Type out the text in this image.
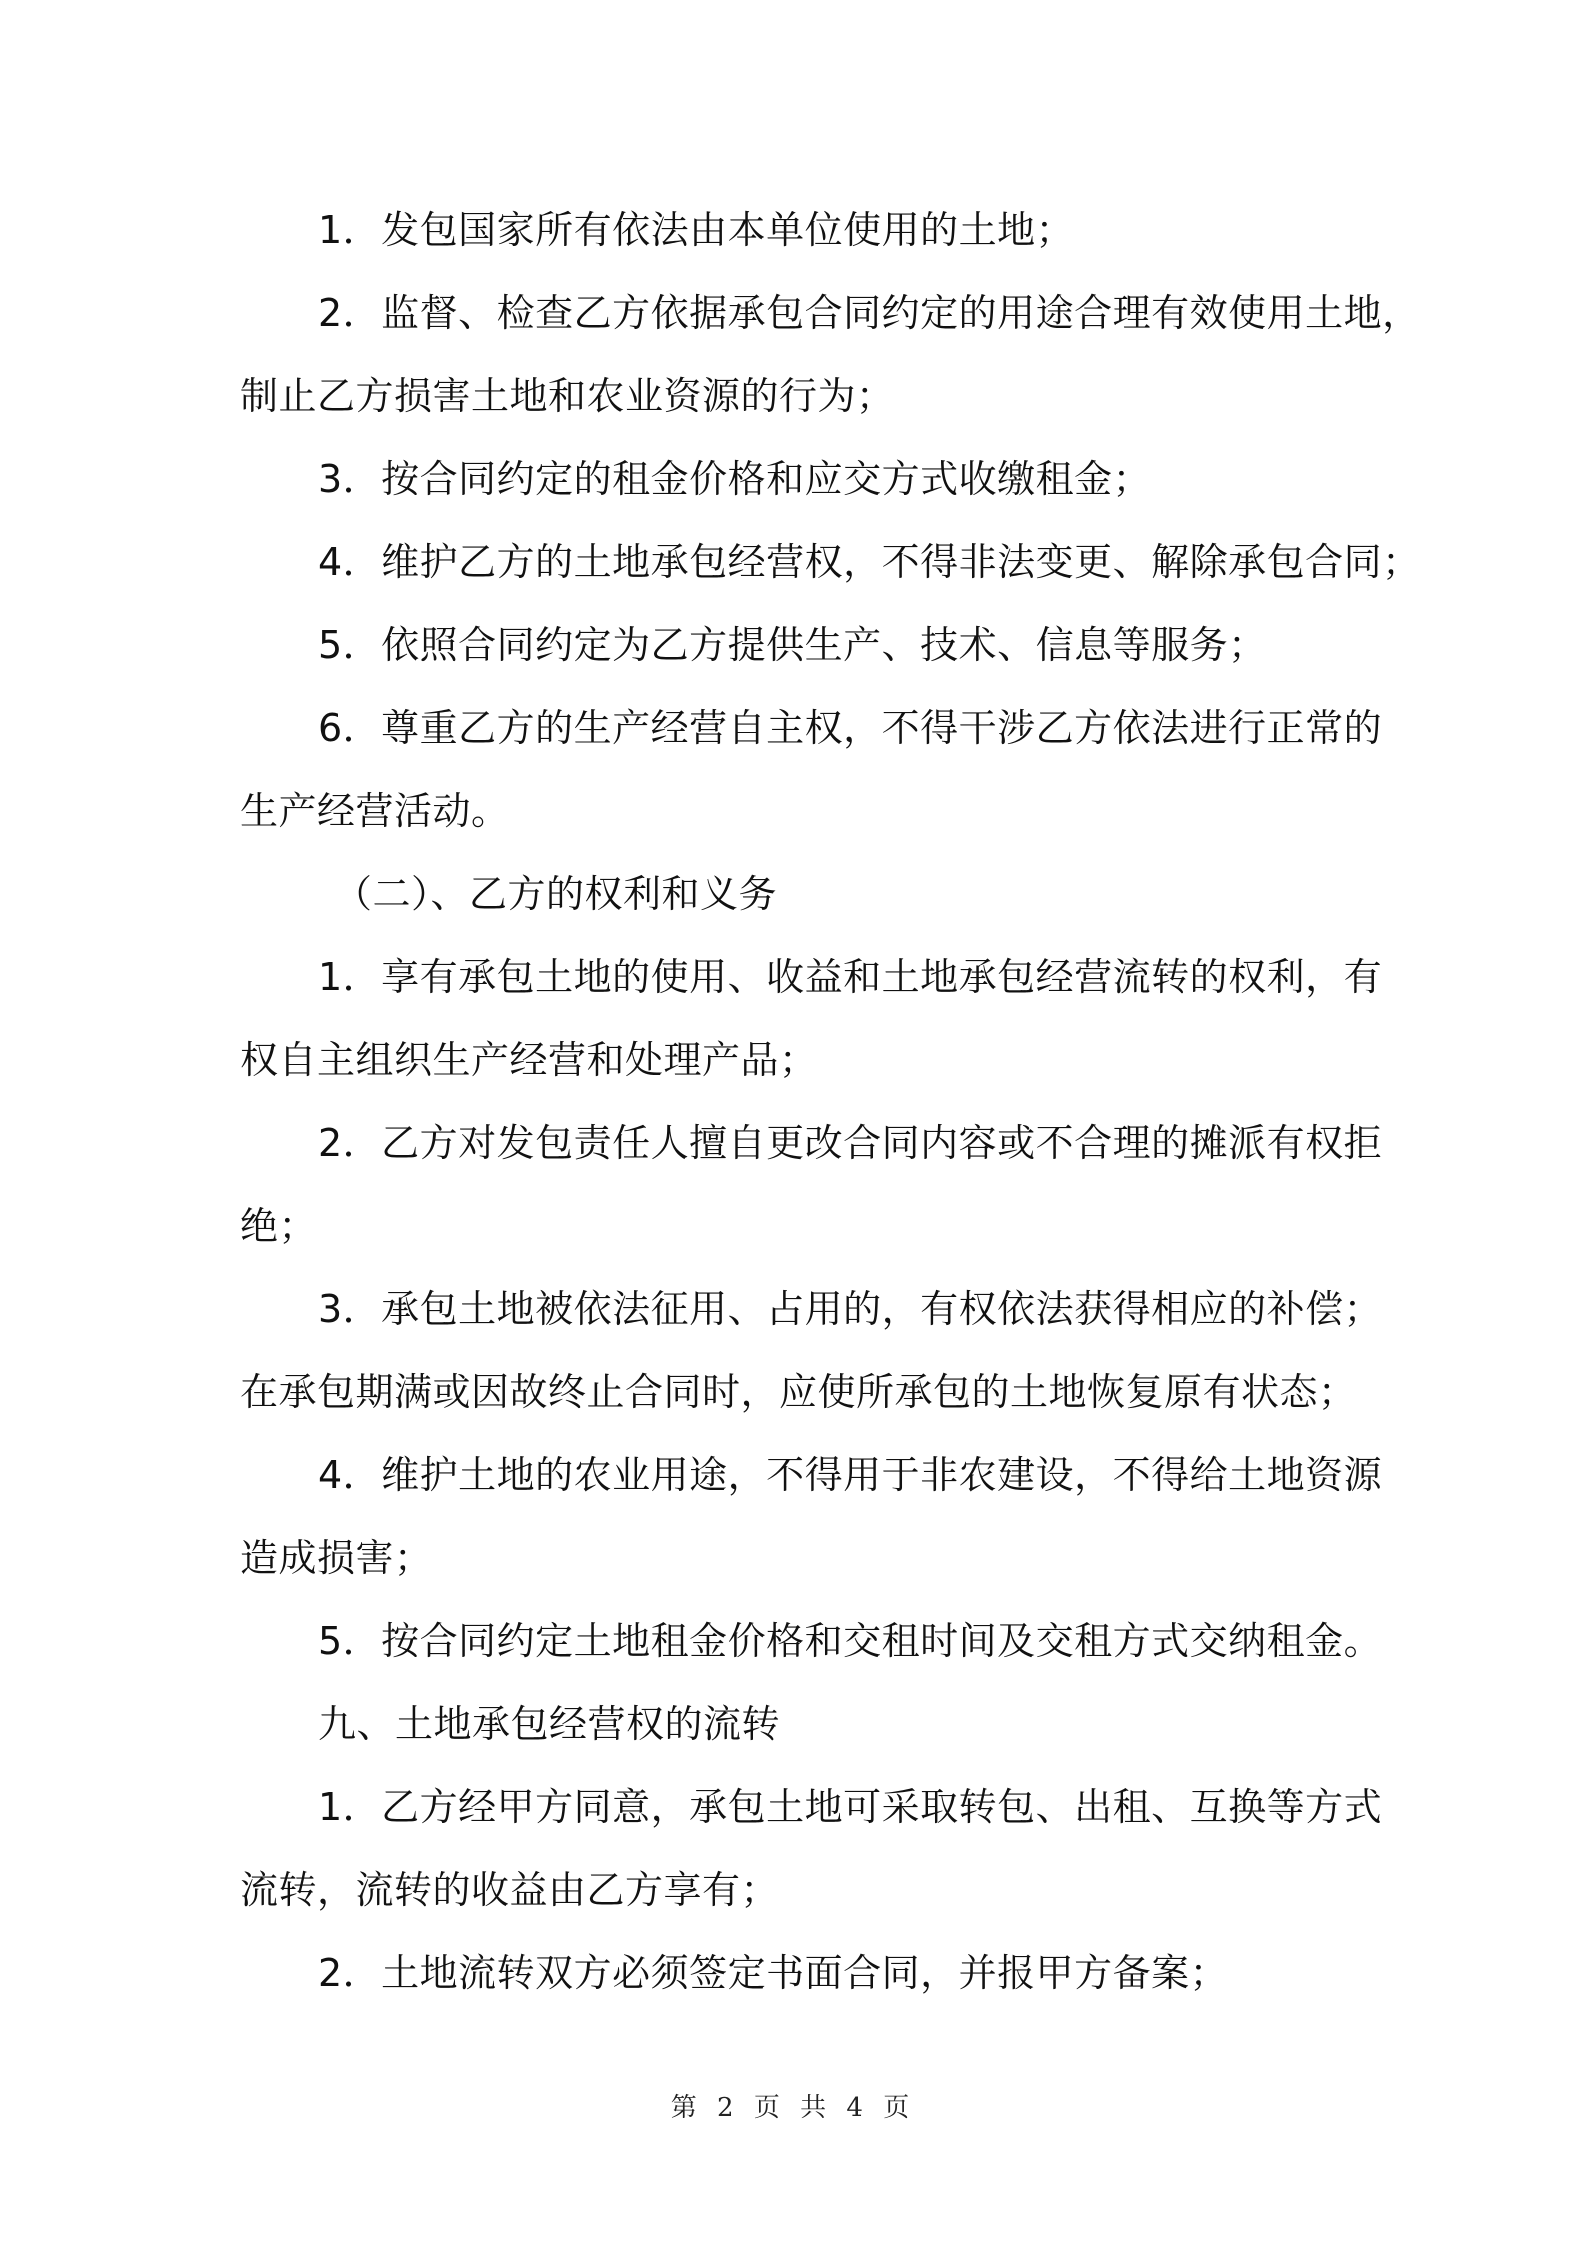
1．发包国家所有依法由本单位使用的土地；
2．监督、检查乙方依据承包合同约定的用途合理有效使用土地，
制止乙方损害土地和农业资源的行为；
3．按合同约定的租金价格和应交方式收缴租金；
4．维护乙方的土地承包经营权，不得非法变更、解除承包合同；
5．依照合同约定为乙方提供生产、技术、信息等服务；
6．尊重乙方的生产经营自主权，不得干涉乙方依法进行正常的
生产经营活动。
（二）、乙方的权利和义务
1．享有承包土地的使用、收益和土地承包经营流转的权利，有
权自主组织生产经营和处理产品；
2．乙方对发包责任人擅自更改合同内容或不合理的摊派有权拒
绝；
3．承包土地被依法征用、占用的，有权依法获得相应的补偿；
在承包期满或因故终止合同时，应使所承包的土地恢复原有状态；
4．维护土地的农业用途，不得用于非农建设，不得给土地资源
造成损害；
5．按合同约定土地租金价格和交租时间及交租方式交纳租金。
九、土地承包经营权的流转
1．乙方经甲方同意，承包土地可采取转包、出租、互换等方式
流转，流转的收益由乙方享有；
2．土地流转双方必须签定书面合同，并报甲方备案；
第 2 页 共 4 页
